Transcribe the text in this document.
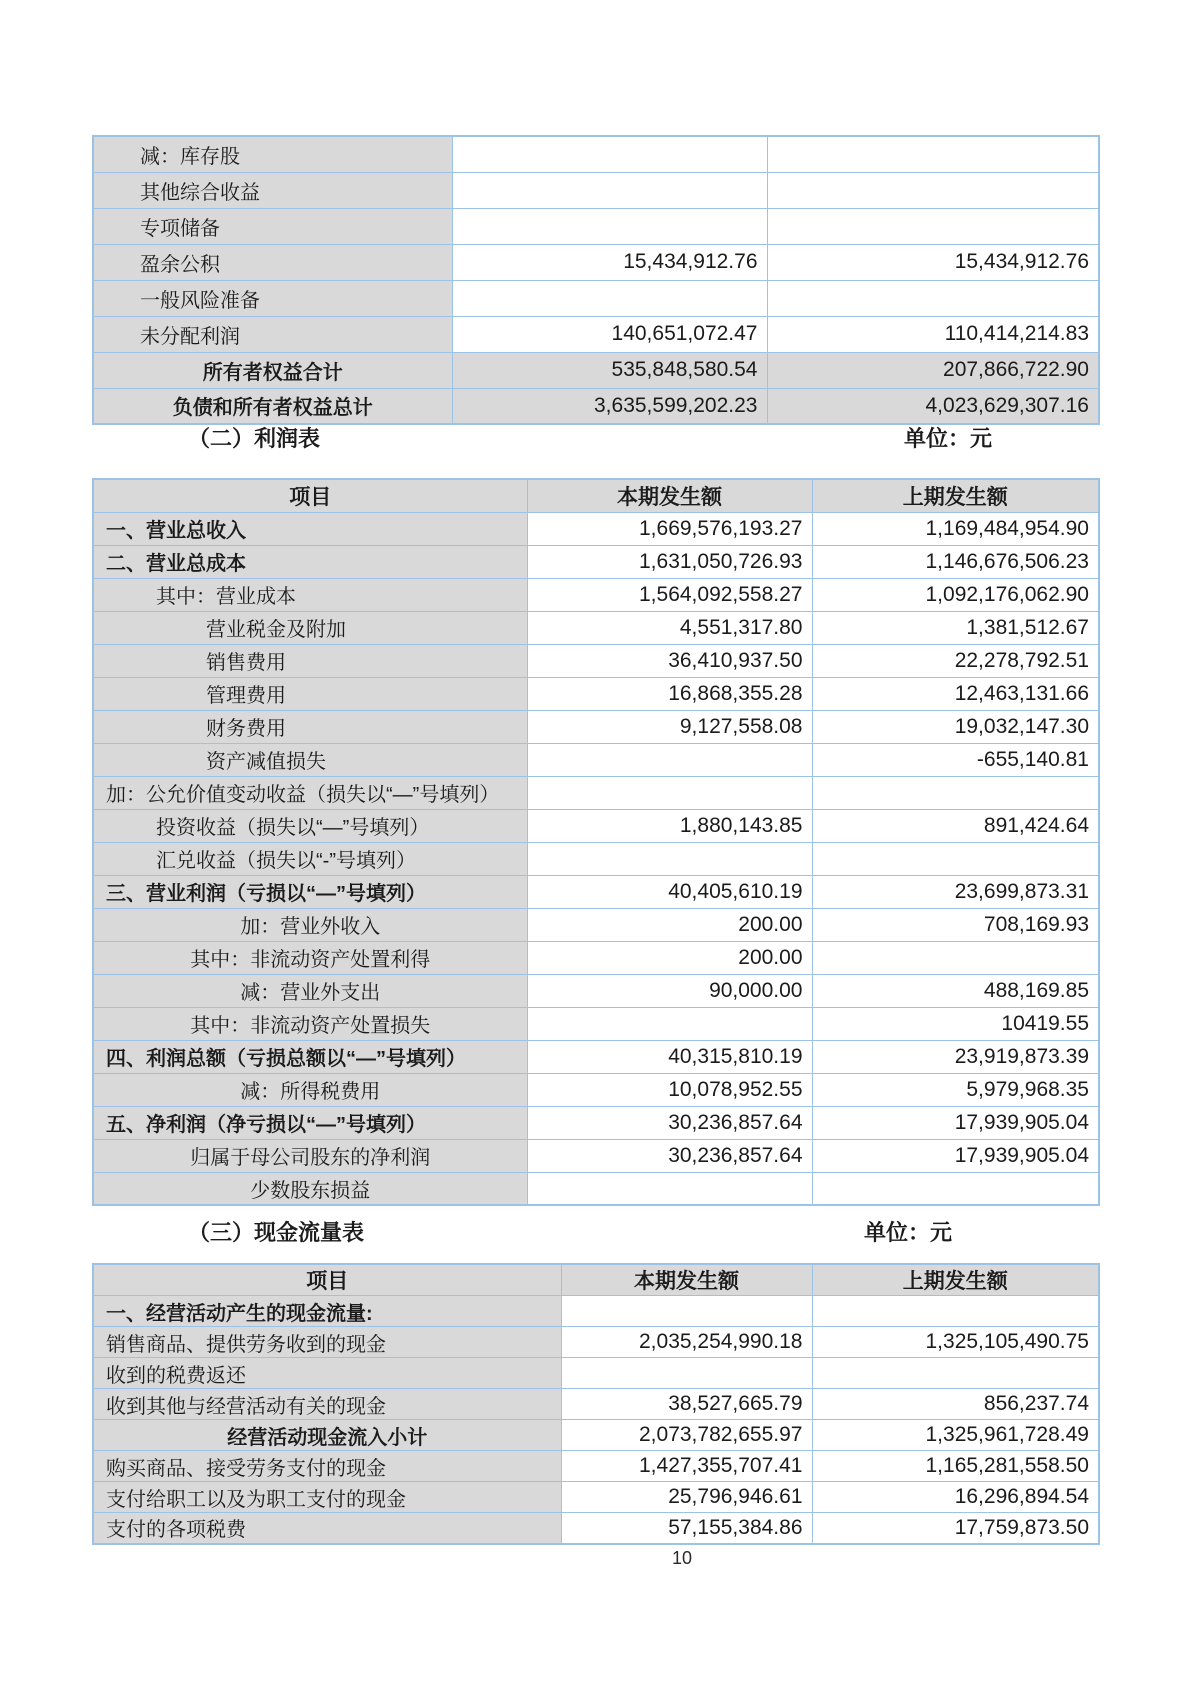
减：库存股		
其他综合收益		
专项储备		
盈余公积	15,434,912.76	15,434,912.76
一般风险准备		
未分配利润	140,651,072.47	110,414,214.83
所有者权益合计	535,848,580.54	207,866,722.90
负债和所有者权益总计	3,635,599,202.23	4,023,629,307.16
（二）利润表	单位：元
项目	本期发生额	上期发生额
一、营业总收入	1,669,576,193.27	1,169,484,954.90
二、营业总成本	1,631,050,726.93	1,146,676,506.23
其中：营业成本	1,564,092,558.27	1,092,176,062.90
营业税金及附加	4,551,317.80	1,381,512.67
销售费用	36,410,937.50	22,278,792.51
管理费用	16,868,355.28	12,463,131.66
财务费用	9,127,558.08	19,032,147.30
资产减值损失		-655,140.81
加：公允价值变动收益（损失以“—”号填列）		
投资收益（损失以“—”号填列）	1,880,143.85	891,424.64
汇兑收益（损失以“-”号填列）		
三、营业利润（亏损以“—”号填列）	40,405,610.19	23,699,873.31
加：营业外收入	200.00	708,169.93
其中：非流动资产处置利得	200.00	
减：营业外支出	90,000.00	488,169.85
其中：非流动资产处置损失		10419.55
四、利润总额（亏损总额以“—”号填列）	40,315,810.19	23,919,873.39
减：所得税费用	10,078,952.55	5,979,968.35
五、净利润（净亏损以“—”号填列）	30,236,857.64	17,939,905.04
归属于母公司股东的净利润	30,236,857.64	17,939,905.04
少数股东损益		
（三）现金流量表	单位：元
项目	本期发生额	上期发生额
一、经营活动产生的现金流量:		
销售商品、提供劳务收到的现金	2,035,254,990.18	1,325,105,490.75
收到的税费返还		
收到其他与经营活动有关的现金	38,527,665.79	856,237.74
经营活动现金流入小计	2,073,782,655.97	1,325,961,728.49
购买商品、接受劳务支付的现金	1,427,355,707.41	1,165,281,558.50
支付给职工以及为职工支付的现金	25,796,946.61	16,296,894.54
支付的各项税费	57,155,384.86	17,759,873.50
10
